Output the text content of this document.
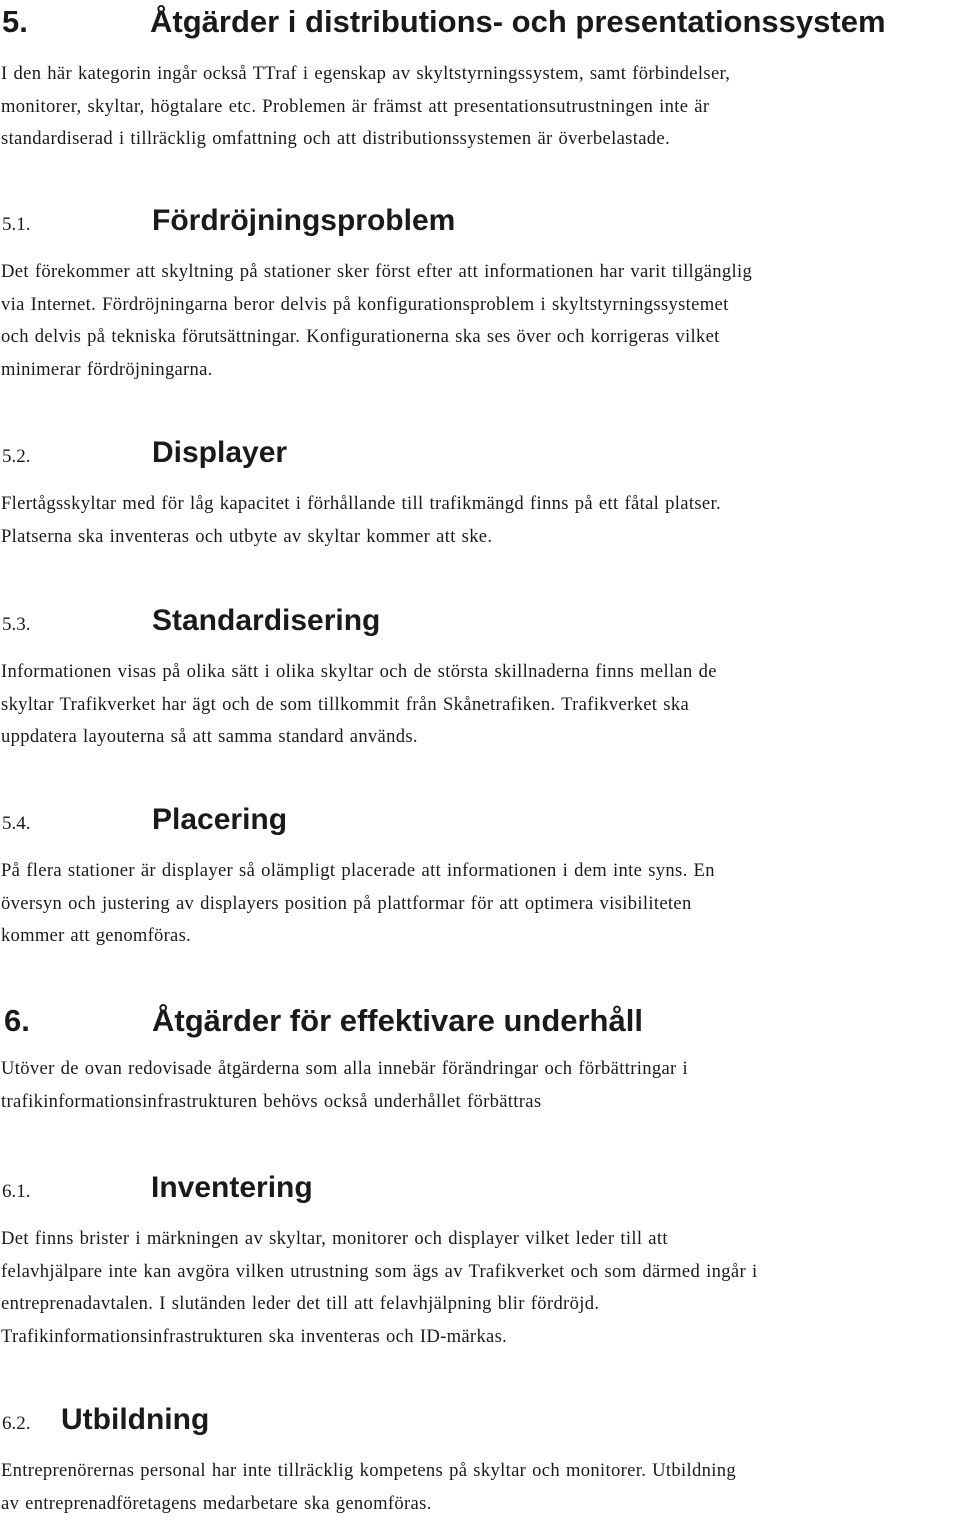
5.	Åtgärder i distributions- och presentationssystem
I den här kategorin ingår också TTraf i egenskap av skyltstyrningssystem, samt förbindelser,
monitorer, skyltar, högtalare etc. Problemen är främst att presentationsutrustningen inte är
standardiserad i tillräcklig omfattning och att distributionssystemen är överbelastade.
5.1.	Fördröjningsproblem
Det förekommer att skyltning på stationer sker först efter att informationen har varit tillgänglig
via Internet. Fördröjningarna beror delvis på konfigurationsproblem i skyltstyrningssystemet
och delvis på tekniska förutsättningar. Konfigurationerna ska ses över och korrigeras vilket
minimerar fördröjningarna.
5.2.	Displayer
Flertågsskyltar med för låg kapacitet i förhållande till trafikmängd finns på ett fåtal platser.
Platserna ska inventeras och utbyte av skyltar kommer att ske.
5.3.	Standardisering
Informationen visas på olika sätt i olika skyltar och de största skillnaderna finns mellan de
skyltar Trafikverket har ägt och de som tillkommit från Skånetrafiken. Trafikverket ska
uppdatera layouterna så att samma standard används.
5.4.	Placering
På flera stationer är displayer så olämpligt placerade att informationen i dem inte syns. En
översyn och justering av displayers position på plattformar för att optimera visibiliteten
kommer att genomföras.
6.	Åtgärder för effektivare underhåll
Utöver de ovan redovisade åtgärderna som alla innebär förändringar och förbättringar i
trafikinformationsinfrastrukturen behövs också underhållet förbättras
6.1.	Inventering
Det finns brister i märkningen av skyltar, monitorer och displayer vilket leder till att
felavhjälpare inte kan avgöra vilken utrustning som ägs av Trafikverket och som därmed ingår i
entreprenadavtalen. I slutänden leder det till att felavhjälpning blir fördröjd.
Trafikinformationsinfrastrukturen ska inventeras och ID-märkas.
6.2. Utbildning
Entreprenörernas personal har inte tillräcklig kompetens på skyltar och monitorer. Utbildning
av entreprenadföretagens medarbetare ska genomföras.
